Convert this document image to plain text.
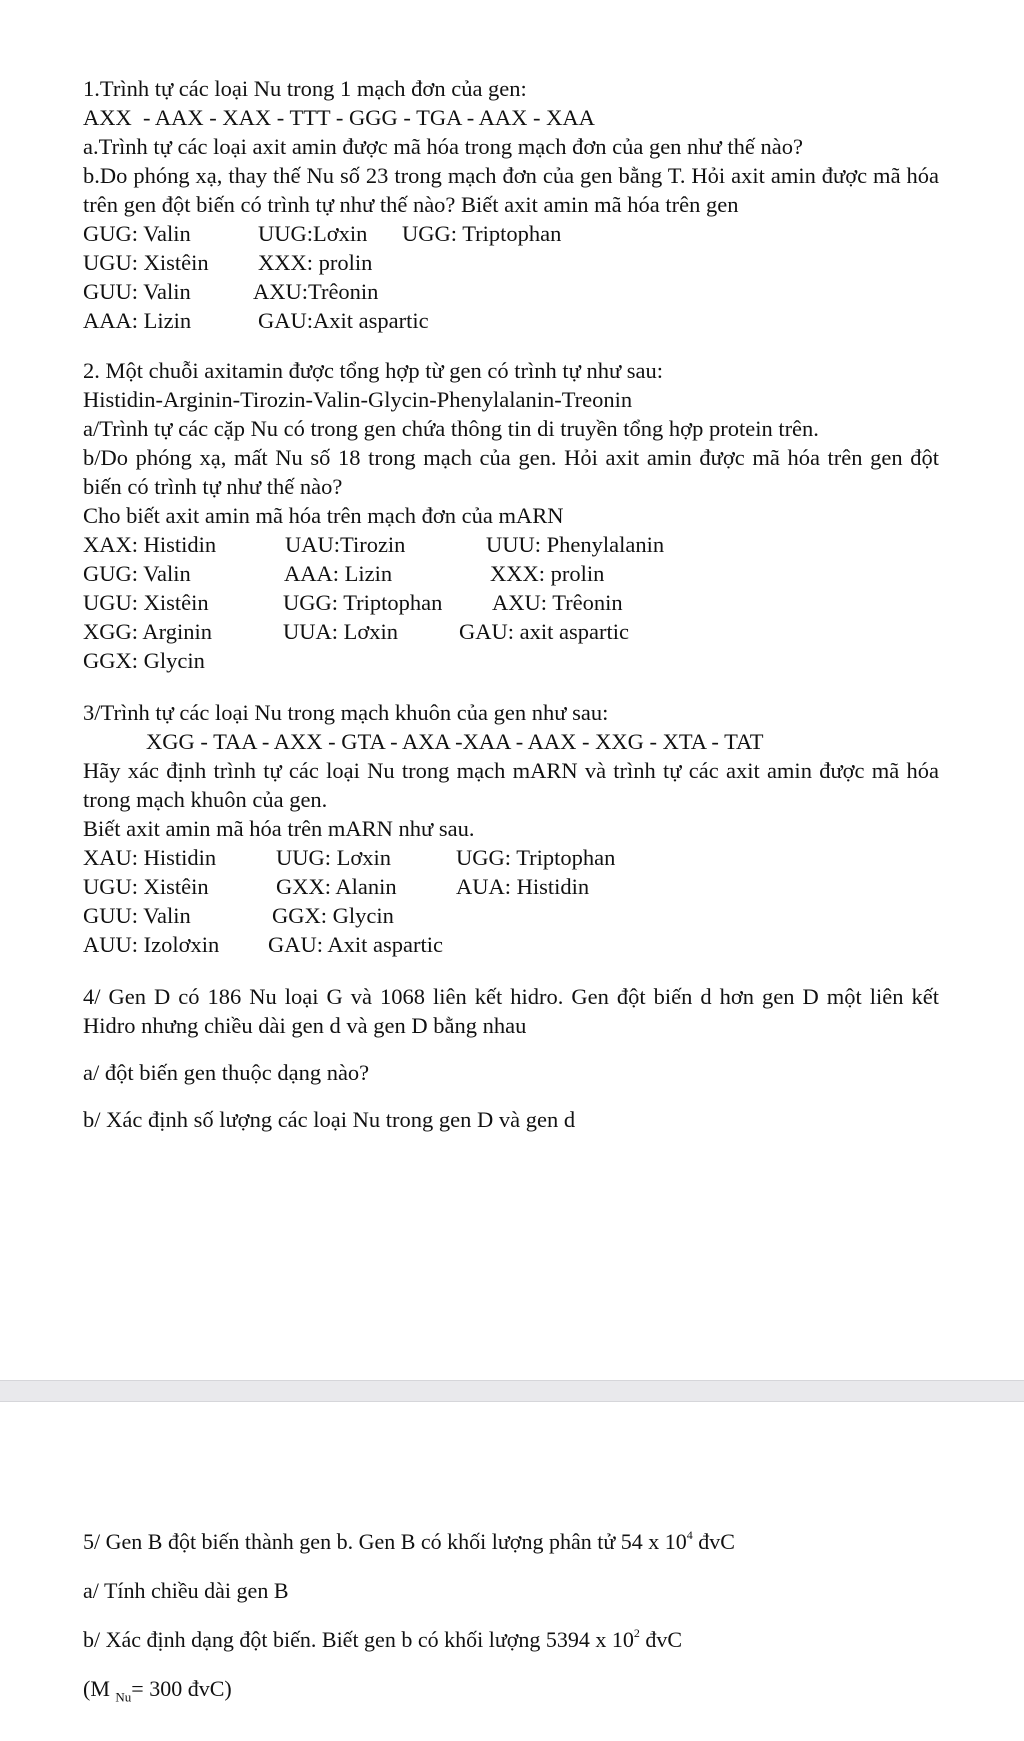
1.Trình tự các loại Nu trong 1 mạch đơn của gen:

AXX  - AAX - XAX - TTT - GGG - TGA - AAX - XAA

a.Trình tự các loại axit amin được mã hóa trong mạch đơn của gen như thế nào?

b.Do phóng xạ, thay thế Nu số 23 trong mạch đơn của gen bằng T. Hỏi axit amin được mã hóa trên gen đột biến có trình tự như thế nào? Biết axit amin mã hóa trên gen

GUG: Valin	UUG:Lơxin	UGG: Triptophan
UGU: Xistêin	XXX: prolin
GUU: Valin	AXU:Trêonin
AAA: Lizin	GAU:Axit aspartic

2. Một chuỗi axitamin được tổng hợp từ gen có trình tự như sau:

Histidin-Arginin-Tirozin-Valin-Glycin-Phenylalanin-Treonin

a/Trình tự các cặp Nu có trong gen chứa thông tin di truyền tổng hợp protein trên.

b/Do phóng xạ, mất Nu số 18 trong mạch của gen. Hỏi axit amin được mã hóa trên gen đột biến có trình tự như thế nào?

Cho biết axit amin mã hóa trên mạch đơn của mARN

XAX: Histidin	UAU:Tirozin	UUU: Phenylalanin
GUG: Valin	AAA: Lizin	XXX: prolin
UGU: Xistêin	UGG: Triptophan	AXU: Trêonin
XGG: Arginin	UUA: Lơxin	GAU: axit aspartic
GGX: Glycin

3/Trình tự các loại Nu trong mạch khuôn của gen như sau:

XGG - TAA - AXX - GTA - AXA -XAA - AAX - XXG - XTA - TAT

Hãy xác định trình tự các loại Nu trong mạch mARN và trình tự các axit amin được mã hóa trong mạch khuôn của gen.

Biết axit amin mã hóa trên mARN như sau.

XAU: Histidin	UUG: Lơxin	UGG: Triptophan
UGU: Xistêin	GXX: Alanin	AUA: Histidin
GUU: Valin	GGX: Glycin
AUU: Izolơxin	GAU: Axit aspartic

4/ Gen D có 186 Nu loại G và 1068 liên kết hidro. Gen đột biến d hơn gen D một liên kết Hidro nhưng chiều dài gen d và gen D bằng nhau

a/ đột biến gen thuộc dạng nào?

b/ Xác định số lượng các loại Nu trong gen D và gen d

5/ Gen B đột biến thành gen b. Gen B có khối lượng phân tử 54 x $10^4$ đvC

a/ Tính chiều dài gen B

b/ Xác định dạng đột biến. Biết gen b có khối lượng 5394 x $10^2$ đvC

(M $_{Nu}$= 300 đvC)
